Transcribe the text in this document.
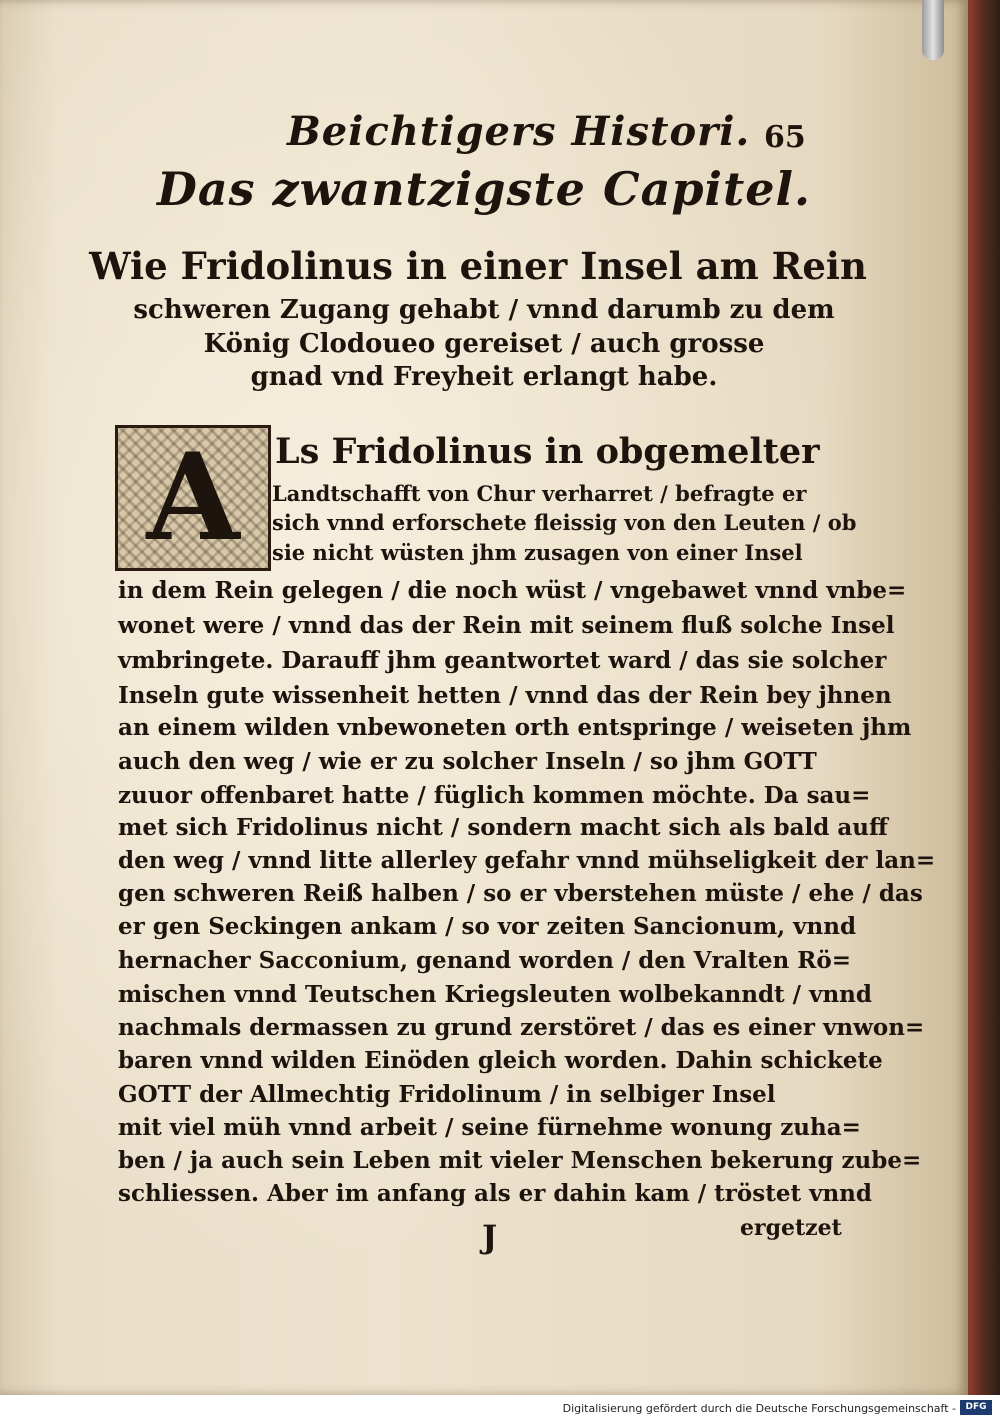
Beichtigers Histori. 65
Das zwantzigste Capitel.
Wie Fridolinus in einer Insel am Rein
schweren Zugang gehabt / vnnd darumb zu dem
König Clodoueo gereiset / auch grosse
gnad vnd Freyheit erlangt habe.
A	Ls Fridolinus in obgemelter
Landtschafft von Chur verharret / befragte er
sich vnnd erforschete fleissig von den Leuten / ob
sie nicht wüsten jhm zusagen von einer Insel
in dem Rein gelegen / die noch wüst / vngebawet vnnd vnbe=
wonet were / vnnd das der Rein mit seinem fluß solche Insel
vmbringete. Darauff jhm geantwortet ward / das sie solcher
Inseln gute wissenheit hetten / vnnd das der Rein bey jhnen
an einem wilden vnbewoneten orth entspringe / weiseten jhm
auch den weg / wie er zu solcher Inseln / so jhm GOTT
zuuor offenbaret hatte / füglich kommen möchte. Da sau=
met sich Fridolinus nicht / sondern macht sich als bald auff
den weg / vnnd litte allerley gefahr vnnd mühseligkeit der lan=
gen schweren Reiß halben / so er vberstehen müste / ehe / das
er gen Seckingen ankam / so vor zeiten Sancionum, vnnd
hernacher Sacconium, genand worden / den Vralten Rö=
mischen vnnd Teutschen Kriegsleuten wolbekanndt / vnnd
nachmals dermassen zu grund zerstöret / das es einer vnwon=
baren vnnd wilden Einöden gleich worden. Dahin schickete
GOTT der Allmechtig Fridolinum / in selbiger Insel
mit viel müh vnnd arbeit / seine fürnehme wonung zuha=
ben / ja auch sein Leben mit vieler Menschen bekerung zube=
schliessen. Aber im anfang als er dahin kam / tröstet vnnd
J	ergetzet
Digitalisierung gefördert durch die Deutsche Forschungsgemeinschaft -	DFG
